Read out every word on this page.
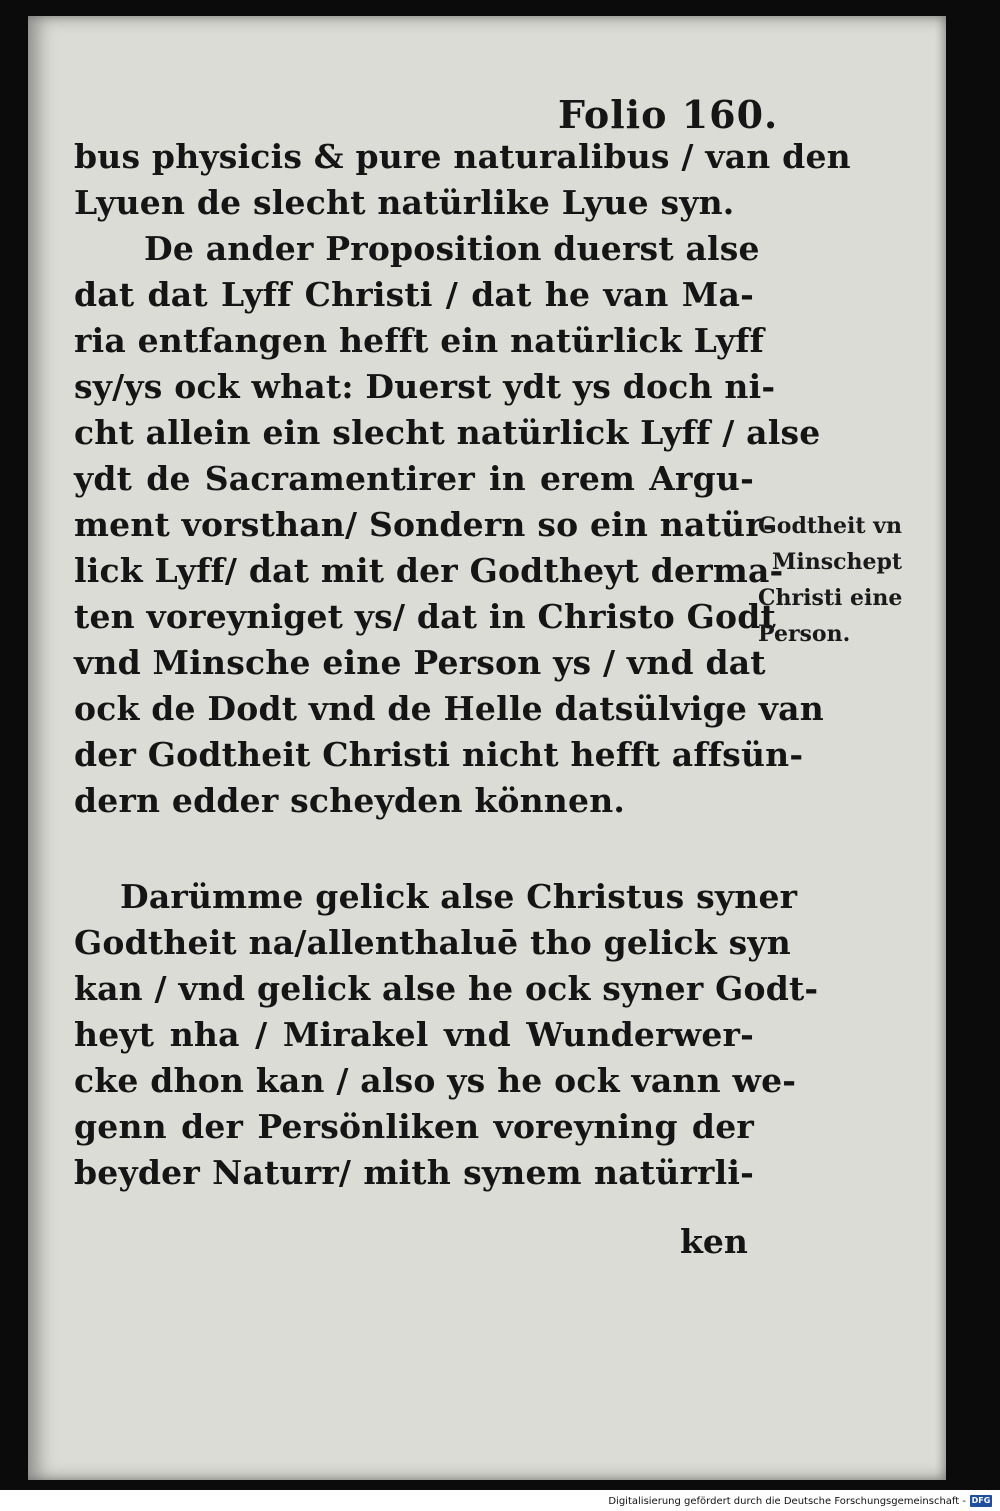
Folio 160.
bus physicis & pure naturalibus / van den
Lyuen de slecht natürlike Lyue syn.
De ander Proposition duerst alse
dat dat Lyff Christi / dat he van Ma-
ria entfangen hefft ein natürlick Lyff
sy/ys ock what: Duerst ydt ys doch ni-
cht allein ein slecht natürlick Lyff / alse
ydt de Sacramentirer in erem Argu-
ment vorsthan/ Sondern so ein natür-
lick Lyff/ dat mit der Godtheyt derma-
ten voreyniget ys/ dat in Christo Godt
vnd Minsche eine Person ys / vnd dat
ock de Dodt vnd de Helle datsülvige van
der Godtheit Christi nicht hefft affsün-
dern edder scheyden können.
Darümme gelick alse Christus syner
Godtheit na/allenthaluē tho gelick syn
kan / vnd gelick alse he ock syner Godt-
heyt nha / Mirakel vnd Wunderwer-
cke dhon kan / also ys he ock vann we-
genn der Persönliken voreyning der
beyder Naturr/ mith synem natürrli-
ken
Godtheit vn
Minschept
Christi eine
Person.
Digitalisierung gefördert durch die Deutsche Forschungsgemeinschaft - DFG
